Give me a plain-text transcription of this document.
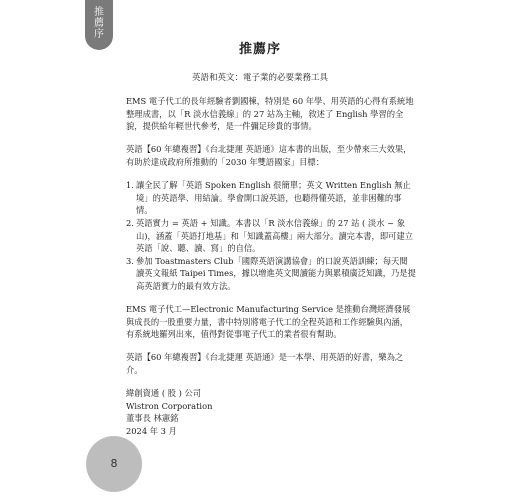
推
薦
序
推薦序
英語和英文：電子業的必要業務工具

EMS 電子代工的長年經驗者劉國棟，特別是 60 年學、用英語的心得有系統地整理成書，以「R 淡水信義線」的 27 站為主軸，敘述了 English 學習的全貌，提供給年輕世代參考，是一件彌足珍貴的事情。

英語【60 年總複習】《台北捷運 英語通》這本書的出版，至少帶來三大效果，有助於達成政府所推動的「2030 年雙語國家」目標：

1. 讓全民了解「英語 Spoken English 很簡單；英文 Written English 無止境」的英語學、用結論。學會開口說英語，也聽得懂英語，並非困難的事情。
2. 英語實力 = 英語 + 知識。本書以「R 淡水信義線」的 27 站 ( 淡水 ~ 象山)，涵蓋「英語打地基」和「知識蓋高樓」兩大部分。讀完本書，即可建立英語「說、聽、讀、寫」的自信。
3. 參加 Toastmasters Club「國際英語演講協會」的口說英語訓練；每天閱讀英文報紙 Taipei Times，據以增進英文閱讀能力與累積廣泛知識，乃是提高英語實力的最有效方法。

EMS 電子代工—Electronic Manufacturing Service 是推動台灣經濟發展與成長的一股重要力量，書中特別將電子代工的全程英語和工作經驗與內涵，有系統地羅列出來，值得對從事電子代工的業者很有幫助。

英語【60 年總複習】《台北捷運 英語通》是一本學、用英語的好書，樂為之介。

緯創資通 ( 股 ) 公司
Wistron Corporation
董事長 林憲銘
2024 年 3 月
8
